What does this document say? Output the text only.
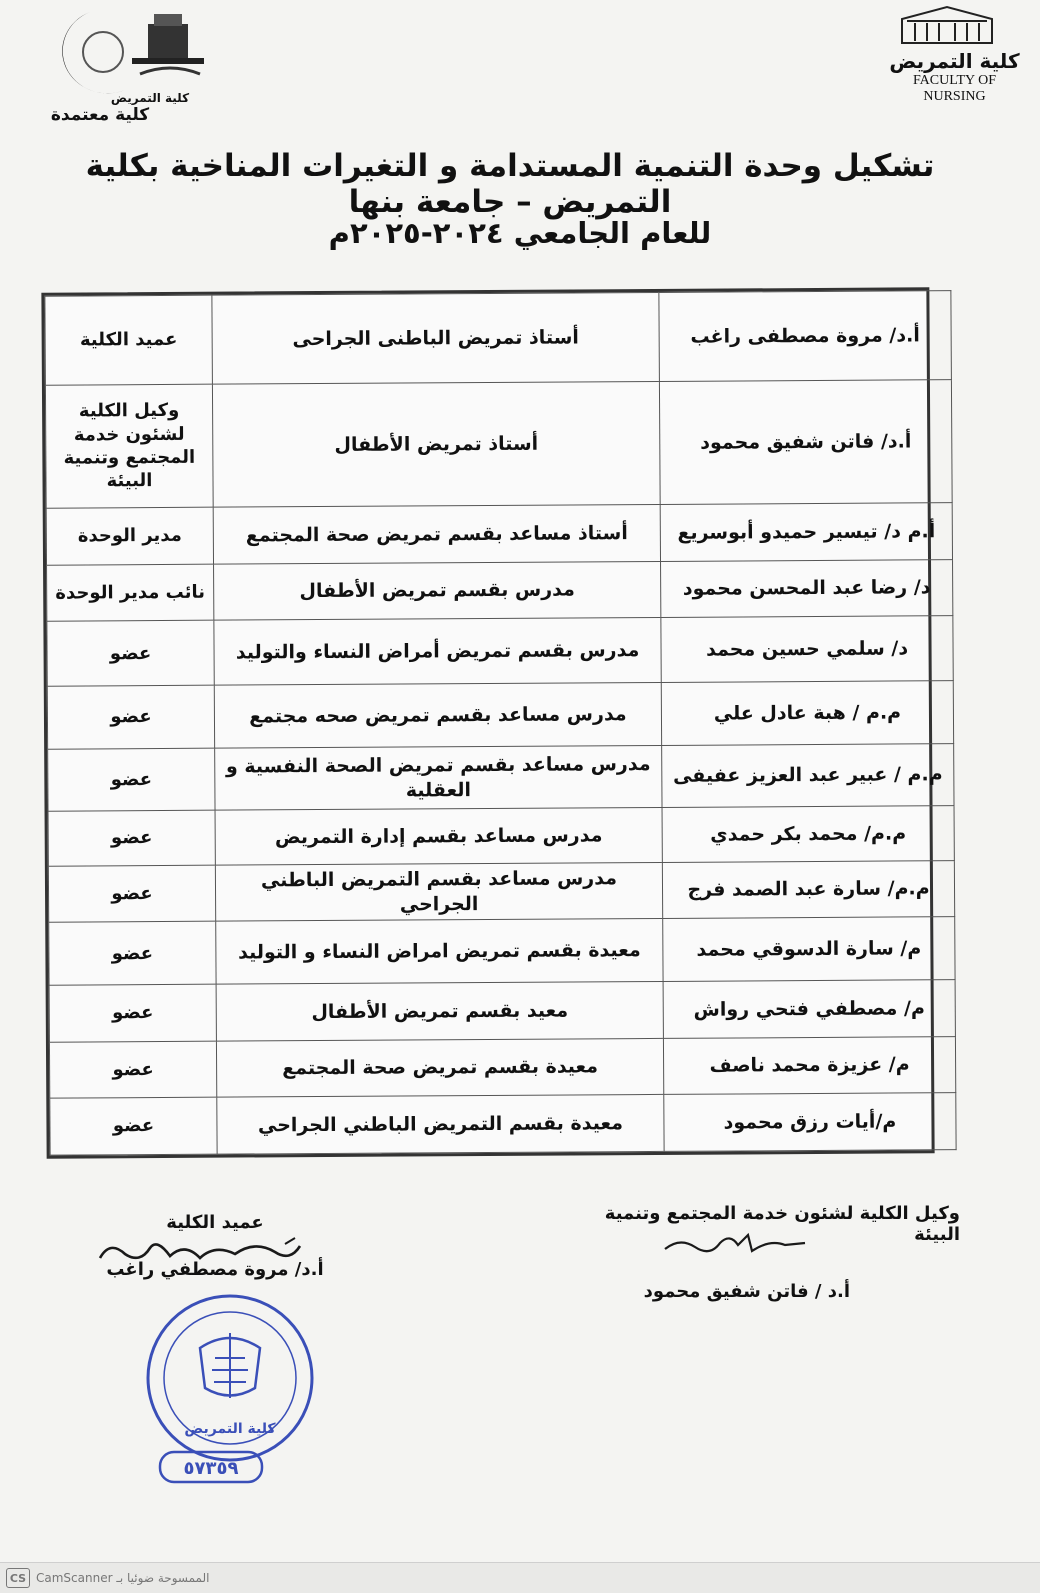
كلية التمريض
كلية معتمدة
كلية التمريض
FACULTY OF NURSING
تشكيل وحدة التنمية المستدامة و التغيرات المناخية بكلية التمريض – جامعة بنها
للعام الجامعي ٢٠٢٤-٢٠٢٥م
أ.د/ مروة مصطفى راغب	أستاذ تمريض الباطنى الجراحى	عميد الكلية
أ.د/ فاتن شفيق محمود	أستاذ تمريض الأطفال	وكيل الكلية لشئون خدمة المجتمع وتنمية البيئة
أ.م د/ تيسير حميدو أبوسريع	أستاذ مساعد بقسم تمريض صحة المجتمع	مدير الوحدة
د/ رضا عبد المحسن محمود	مدرس بقسم تمريض الأطفال	نائب مدير الوحدة
د/ سلمي حسين محمد	مدرس بقسم تمريض أمراض النساء والتوليد	عضو
م.م / هبة عادل علي	مدرس مساعد بقسم تمريض صحه مجتمع	عضو
م.م / عبير عبد العزيز عفيفى	مدرس مساعد بقسم تمريض الصحة النفسية و العقلية	عضو
م.م/ محمد بكر حمدي	مدرس مساعد بقسم إدارة التمريض	عضو
م.م/ سارة عبد الصمد فرج	مدرس مساعد بقسم التمريض الباطني الجراحي	عضو
م/ سارة الدسوقي محمد	معيدة بقسم تمريض امراض النساء و التوليد	عضو
م/ مصطفي فتحي رواش	معيد بقسم تمريض الأطفال	عضو
م/ عزيزة محمد ناصف	معيدة بقسم تمريض صحة المجتمع	عضو
م/أيات رزق محمود	معيدة بقسم التمريض الباطني الجراحي	عضو
وكيل الكلية لشئون خدمة المجتمع وتنمية البيئة
أ.د / فاتن شفيق محمود
عميد الكلية
أ.د/ مروة مصطفي راغب
كلية التمريض
٥٧٣٥٩
CS الممسوحة ضوئيا بـ CamScanner
